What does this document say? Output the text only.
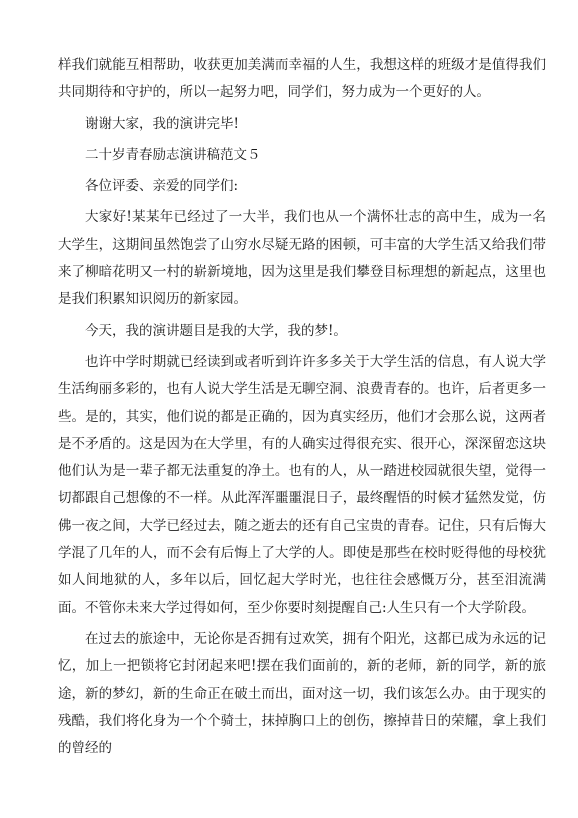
样我们就能互相帮助，收获更加美满而幸福的人生，我想这样的班级才是值得我们共同期待和守护的，所以一起努力吧，同学们，努力成为一个更好的人。

谢谢大家，我的演讲完毕!

二十岁青春励志演讲稿范文５

各位评委、亲爱的同学们:

大家好!某某年已经过了一大半，我们也从一个满怀壮志的高中生，成为一名大学生，这期间虽然饱尝了山穷水尽疑无路的困顿，可丰富的大学生活又给我们带来了柳暗花明又一村的崭新境地，因为这里是我们攀登目标理想的新起点，这里也是我们积累知识阅历的新家园。

今天，我的演讲题目是我的大学，我的梦!。

也许中学时期就已经读到或者听到许许多多关于大学生活的信息，有人说大学生活绚丽多彩的，也有人说大学生活是无聊空洞、浪费青春的。也许，后者更多一些。是的，其实，他们说的都是正确的，因为真实经历，他们才会那么说，这两者是不矛盾的。这是因为在大学里，有的人确实过得很充实、很开心，深深留恋这块他们认为是一辈子都无法重复的净土。也有的人，从一踏进校园就很失望，觉得一切都跟自己想像的不一样。从此浑浑噩噩混日子，最终醒悟的时候才猛然发觉，仿佛一夜之间，大学已经过去，随之逝去的还有自己宝贵的青春。记住，只有后悔大学混了几年的人，而不会有后悔上了大学的人。即使是那些在校时贬得他的母校犹如人间地狱的人，多年以后，回忆起大学时光，也往往会感慨万分，甚至泪流满面。不管你未来大学过得如何，至少你要时刻提醒自己:人生只有一个大学阶段。

在过去的旅途中，无论你是否拥有过欢笑，拥有个阳光，这都已成为永远的记忆，加上一把锁将它封闭起来吧!摆在我们面前的，新的老师，新的同学，新的旅途，新的梦幻，新的生命正在破土而出，面对这一切，我们该怎么办。由于现实的残酷，我们将化身为一个个骑士，抹掉胸口上的创伤，擦掉昔日的荣耀，拿上我们的曾经的
